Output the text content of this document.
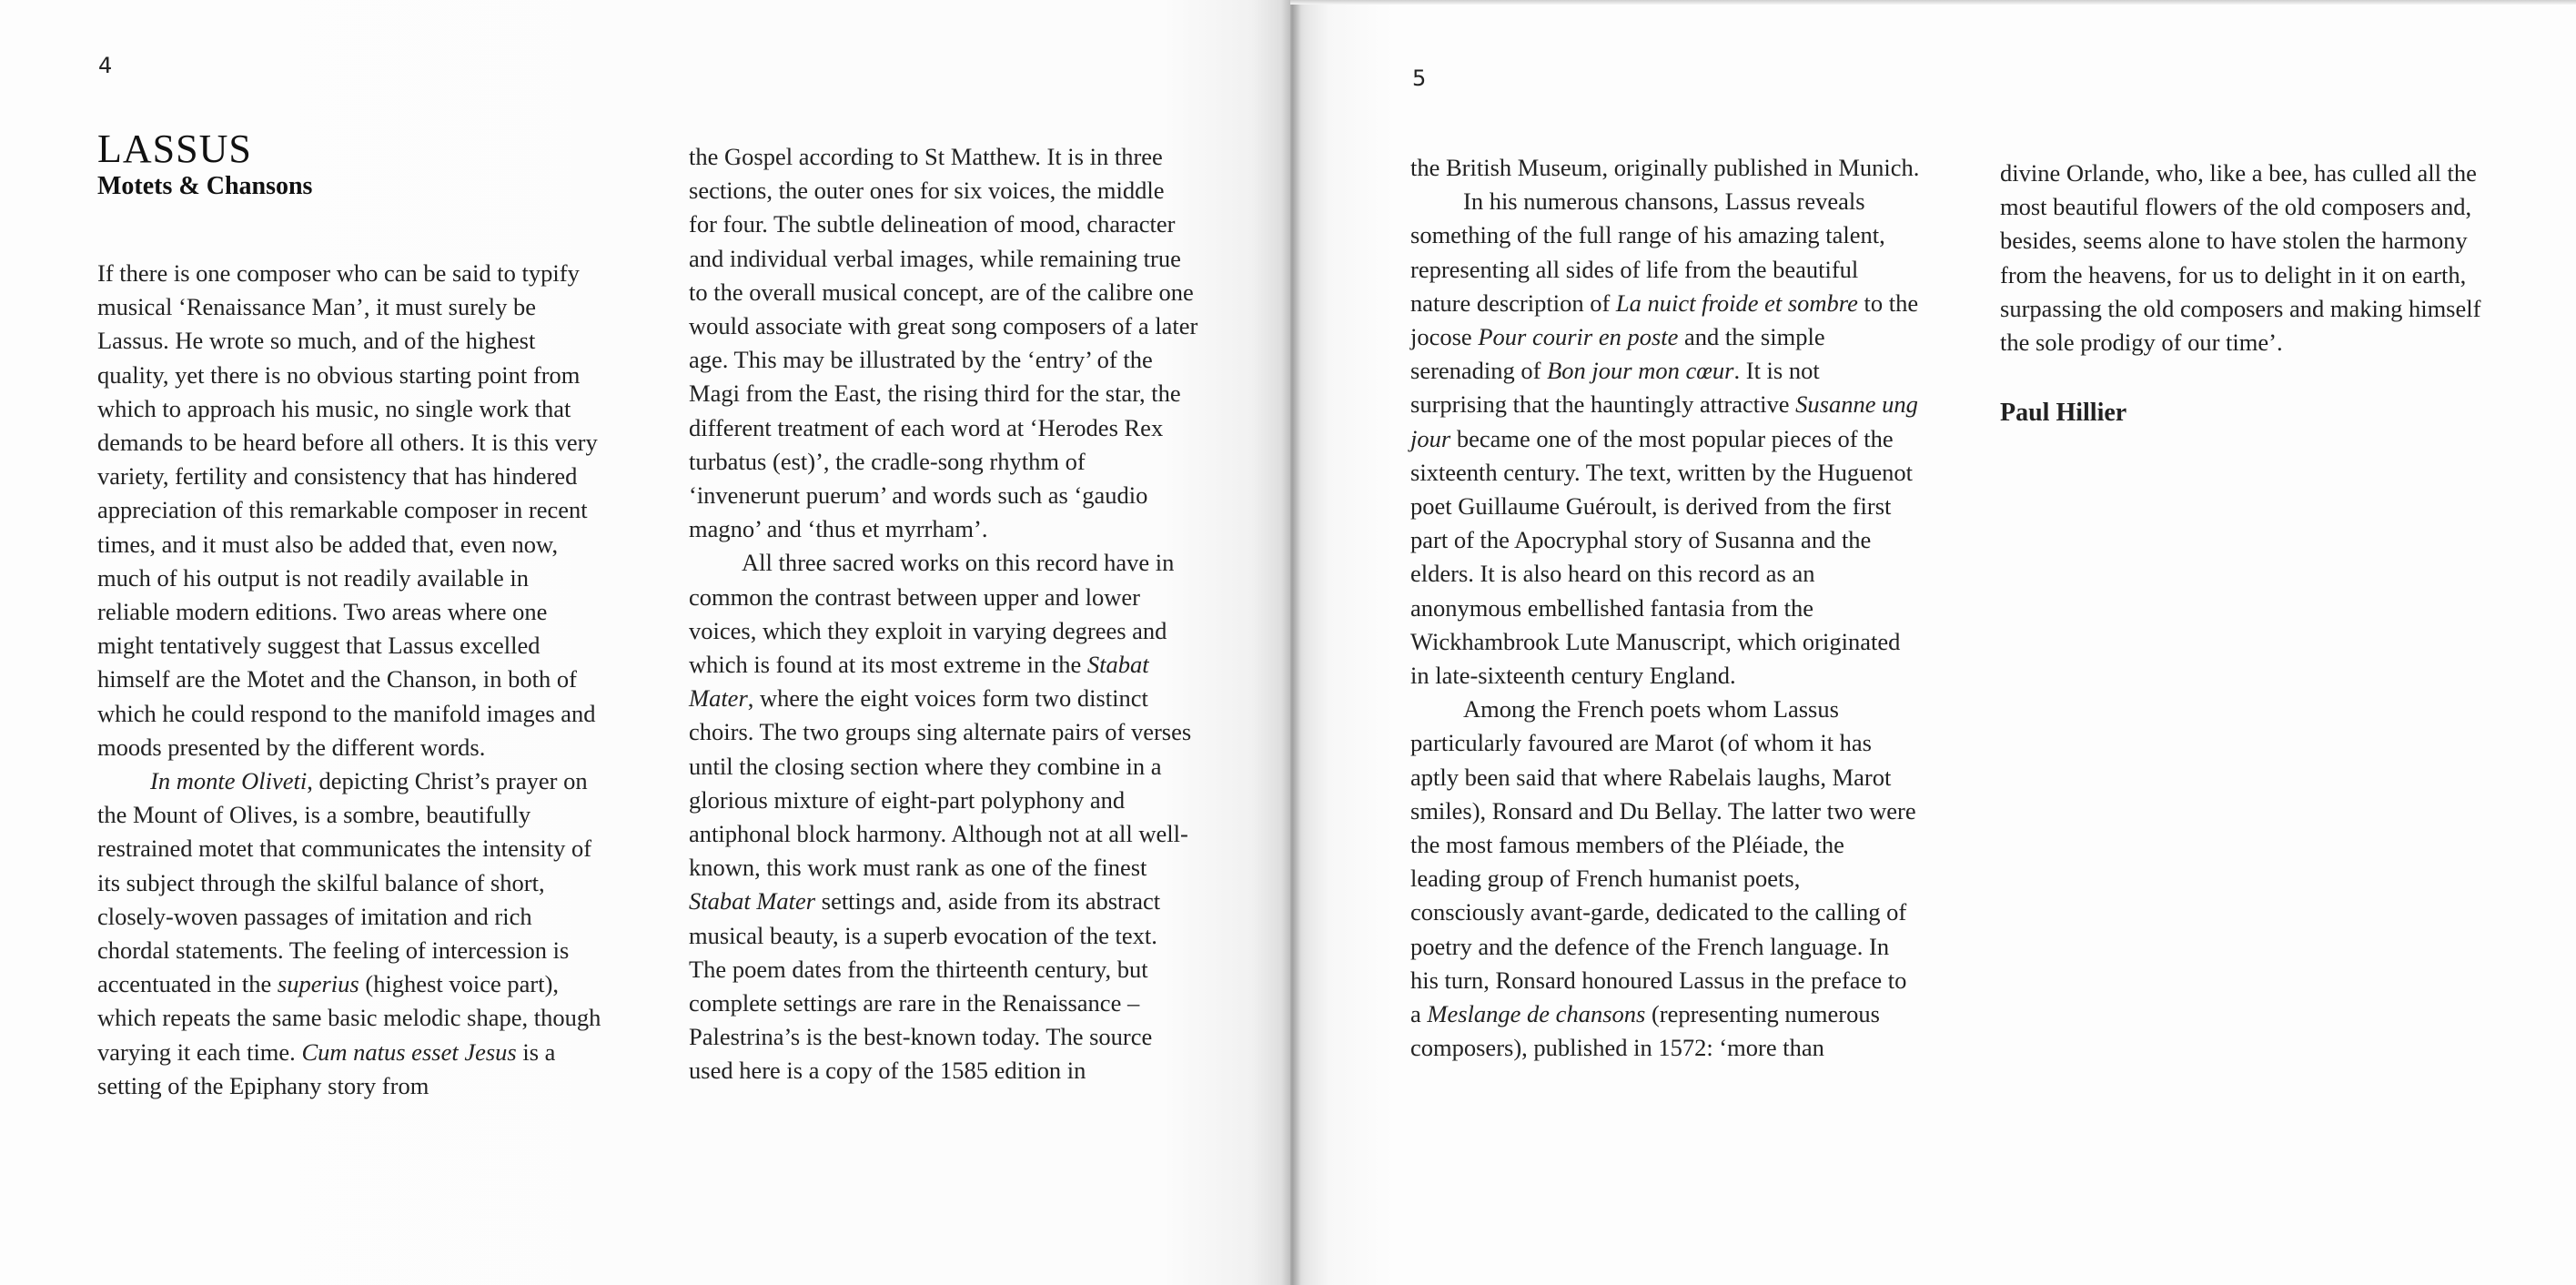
4
LASSUS
Motets & Chansons

If there is one composer who can be said to typify musical ‘Renaissance Man’, it must surely be Lassus. He wrote so much, and of the highest quality, yet there is no obvious starting point from which to approach his music, no single work that demands to be heard before all others. It is this very variety, fertility and consistency that has hindered appreciation of this remarkable composer in recent times, and it must also be added that, even now, much of his output is not readily available in reliable modern editions. Two areas where one might tentatively suggest that Lassus excelled himself are the Motet and the Chanson, in both of which he could respond to the manifold images and moods presented by the different words.

In monte Oliveti, depicting Christ’s prayer on the Mount of Olives, is a sombre, beautifully restrained motet that communicates the intensity of its subject through the skilful balance of short, closely-woven passages of imitation and rich chordal statements. The feeling of intercession is accentuated in the superius (highest voice part), which repeats the same basic melodic shape, though varying it each time. Cum natus esset Jesus is a setting of the Epiphany story from

the Gospel according to St Matthew. It is in three sections, the outer ones for six voices, the middle for four. The subtle delineation of mood, character and individual verbal images, while remaining true to the overall musical concept, are of the calibre one would associate with great song composers of a later age. This may be illustrated by the ‘entry’ of the Magi from the East, the rising third for the star, the different treatment of each word at ‘Herodes Rex turbatus (est)’, the cradle-song rhythm of ‘invenerunt puerum’ and words such as ‘gaudio magno’ and ‘thus et myrrham’.

All three sacred works on this record have in common the contrast between upper and lower voices, which they exploit in varying degrees and which is found at its most extreme in the Stabat Mater, where the eight voices form two distinct choirs. The two groups sing alternate pairs of verses until the closing section where they combine in a glorious mixture of eight-part polyphony and antiphonal block harmony. Although not at all well-known, this work must rank as one of the finest Stabat Mater settings and, aside from its abstract musical beauty, is a superb evocation of the text. The poem dates from the thirteenth century, but complete settings are rare in the Renaissance – Palestrina’s is the best-known today. The source used here is a copy of the 1585 edition in

5

the British Museum, originally published in Munich.

In his numerous chansons, Lassus reveals something of the full range of his amazing talent, representing all sides of life from the beautiful nature description of La nuict froide et sombre to the jocose Pour courir en poste and the simple serenading of Bon jour mon cœur. It is not surprising that the hauntingly attractive Susanne ung jour became one of the most popular pieces of the sixteenth century. The text, written by the Huguenot poet Guillaume Guéroult, is derived from the first part of the Apocryphal story of Susanna and the elders. It is also heard on this record as an anonymous embellished fantasia from the Wickhambrook Lute Manuscript, which originated in late-sixteenth century England.

Among the French poets whom Lassus particularly favoured are Marot (of whom it has aptly been said that where Rabelais laughs, Marot smiles), Ronsard and Du Bellay. The latter two were the most famous members of the Pléiade, the leading group of French humanist poets, consciously avant-garde, dedicated to the calling of poetry and the defence of the French language. In his turn, Ronsard honoured Lassus in the preface to a Meslange de chansons (representing numerous composers), published in 1572: ‘more than

divine Orlande, who, like a bee, has culled all the most beautiful flowers of the old composers and, besides, seems alone to have stolen the harmony from the heavens, for us to delight in it on earth, surpassing the old composers and making himself the sole prodigy of our time’.

Paul Hillier
